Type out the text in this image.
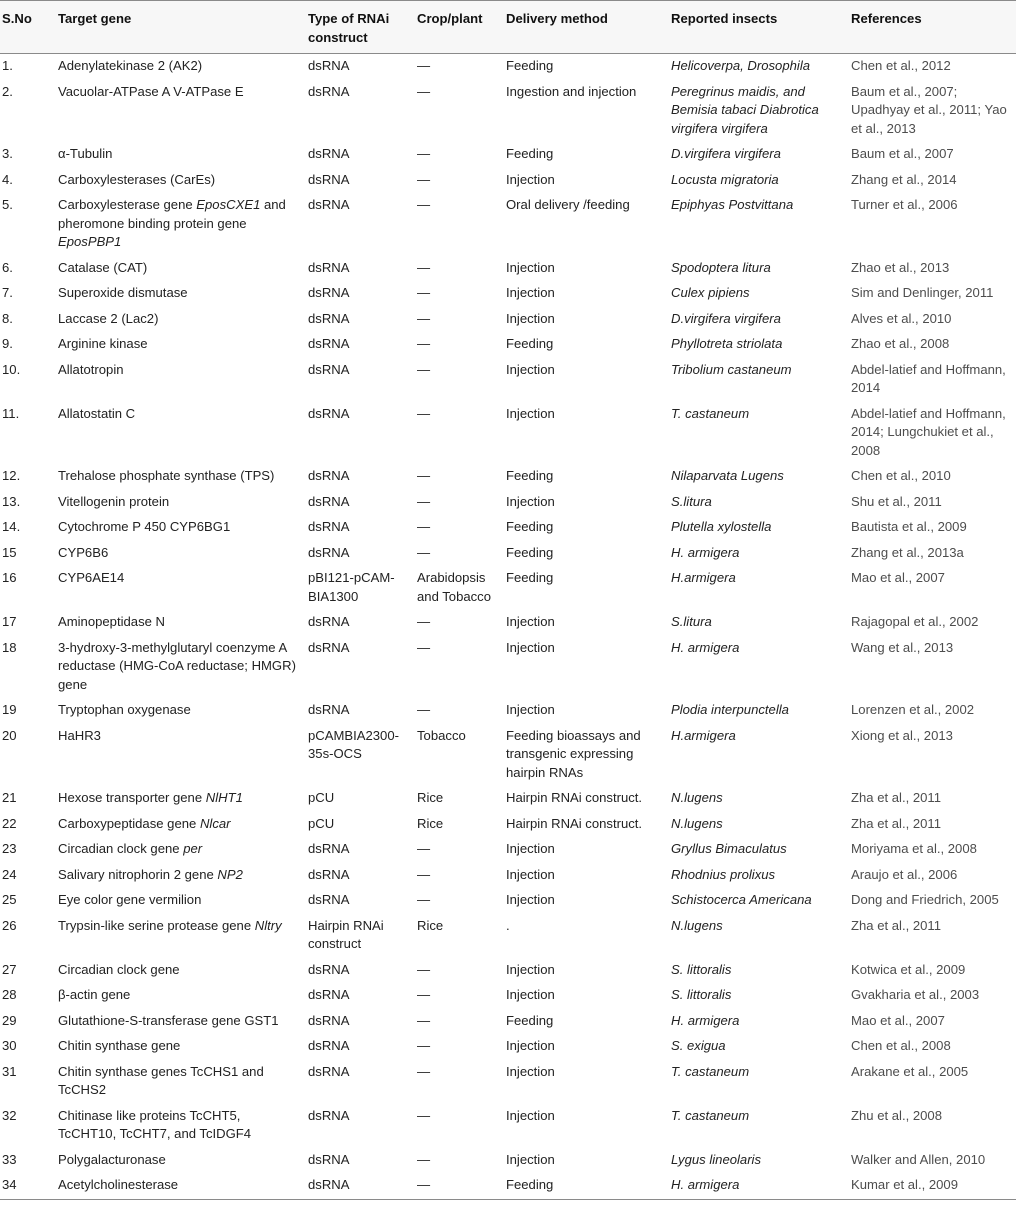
S.No	Target gene	Type of RNAi construct	Crop/plant	Delivery method	Reported insects	References
1.	Adenylatekinase 2 (AK2)	dsRNA	—	Feeding	Helicoverpa, Drosophila	Chen et al., 2012
2.	Vacuolar-ATPase A V-ATPase E	dsRNA	—	Ingestion and injection	Peregrinus maidis, and Bemisia tabaci Diabrotica virgifera virgifera	Baum et al., 2007; Upadhyay et al., 2011; Yao et al., 2013
3.	α-Tubulin	dsRNA	—	Feeding	D.virgifera virgifera	Baum et al., 2007
4.	Carboxylesterases (CarEs)	dsRNA	—	Injection	Locusta migratoria	Zhang et al., 2014
5.	Carboxylesterase gene EposCXE1 and pheromone binding protein gene EposPBP1	dsRNA	—	Oral delivery /feeding	Epiphyas Postvittana	Turner et al., 2006
6.	Catalase (CAT)	dsRNA	—	Injection	Spodoptera litura	Zhao et al., 2013
7.	Superoxide dismutase	dsRNA	—	Injection	Culex pipiens	Sim and Denlinger, 2011
8.	Laccase 2 (Lac2)	dsRNA	—	Injection	D.virgifera virgifera	Alves et al., 2010
9.	Arginine kinase	dsRNA	—	Feeding	Phyllotreta striolata	Zhao et al., 2008
10.	Allatotropin	dsRNA	—	Injection	Tribolium castaneum	Abdel-latief and Hoffmann, 2014
11.	Allatostatin C	dsRNA	—	Injection	T. castaneum	Abdel-latief and Hoffmann, 2014; Lungchukiet et al., 2008
12.	Trehalose phosphate synthase (TPS)	dsRNA	—	Feeding	Nilaparvata Lugens	Chen et al., 2010
13.	Vitellogenin protein	dsRNA	—	Injection	S.litura	Shu et al., 2011
14.	Cytochrome P 450 CYP6BG1	dsRNA	—	Feeding	Plutella xylostella	Bautista et al., 2009
15	CYP6B6	dsRNA	—	Feeding	H. armigera	Zhang et al., 2013a
16	CYP6AE14	pBI121-pCAM-BIA1300	Arabidopsis and Tobacco	Feeding	H.armigera	Mao et al., 2007
17	Aminopeptidase N	dsRNA	—	Injection	S.litura	Rajagopal et al., 2002
18	3-hydroxy-3-methylglutaryl coenzyme A reductase (HMG-CoA reductase; HMGR) gene	dsRNA	—	Injection	H. armigera	Wang et al., 2013
19	Tryptophan oxygenase	dsRNA	—	Injection	Plodia interpunctella	Lorenzen et al., 2002
20	HaHR3	pCAMBIA2300-35s-OCS	Tobacco	Feeding bioassays and transgenic expressing hairpin RNAs	H.armigera	Xiong et al., 2013
21	Hexose transporter gene NlHT1	pCU	Rice	Hairpin RNAi construct.	N.lugens	Zha et al., 2011
22	Carboxypeptidase gene Nlcar	pCU	Rice	Hairpin RNAi construct.	N.lugens	Zha et al., 2011
23	Circadian clock gene per	dsRNA	—	Injection	Gryllus Bimaculatus	Moriyama et al., 2008
24	Salivary nitrophorin 2 gene NP2	dsRNA	—	Injection	Rhodnius prolixus	Araujo et al., 2006
25	Eye color gene vermilion	dsRNA	—	Injection	Schistocerca Americana	Dong and Friedrich, 2005
26	Trypsin-like serine protease gene Nltry	Hairpin RNAi construct	Rice	.	N.lugens	Zha et al., 2011
27	Circadian clock gene	dsRNA	—	Injection	S. littoralis	Kotwica et al., 2009
28	β-actin gene	dsRNA	—	Injection	S. littoralis	Gvakharia et al., 2003
29	Glutathione-S-transferase gene GST1	dsRNA	—	Feeding	H. armigera	Mao et al., 2007
30	Chitin synthase gene	dsRNA	—	Injection	S. exigua	Chen et al., 2008
31	Chitin synthase genes TcCHS1 and TcCHS2	dsRNA	—	Injection	T. castaneum	Arakane et al., 2005
32	Chitinase like proteins TcCHT5, TcCHT10, TcCHT7, and TcIDGF4	dsRNA	—	Injection	T. castaneum	Zhu et al., 2008
33	Polygalacturonase	dsRNA	—	Injection	Lygus lineolaris	Walker and Allen, 2010
34	Acetylcholinesterase	dsRNA	—	Feeding	H. armigera	Kumar et al., 2009
